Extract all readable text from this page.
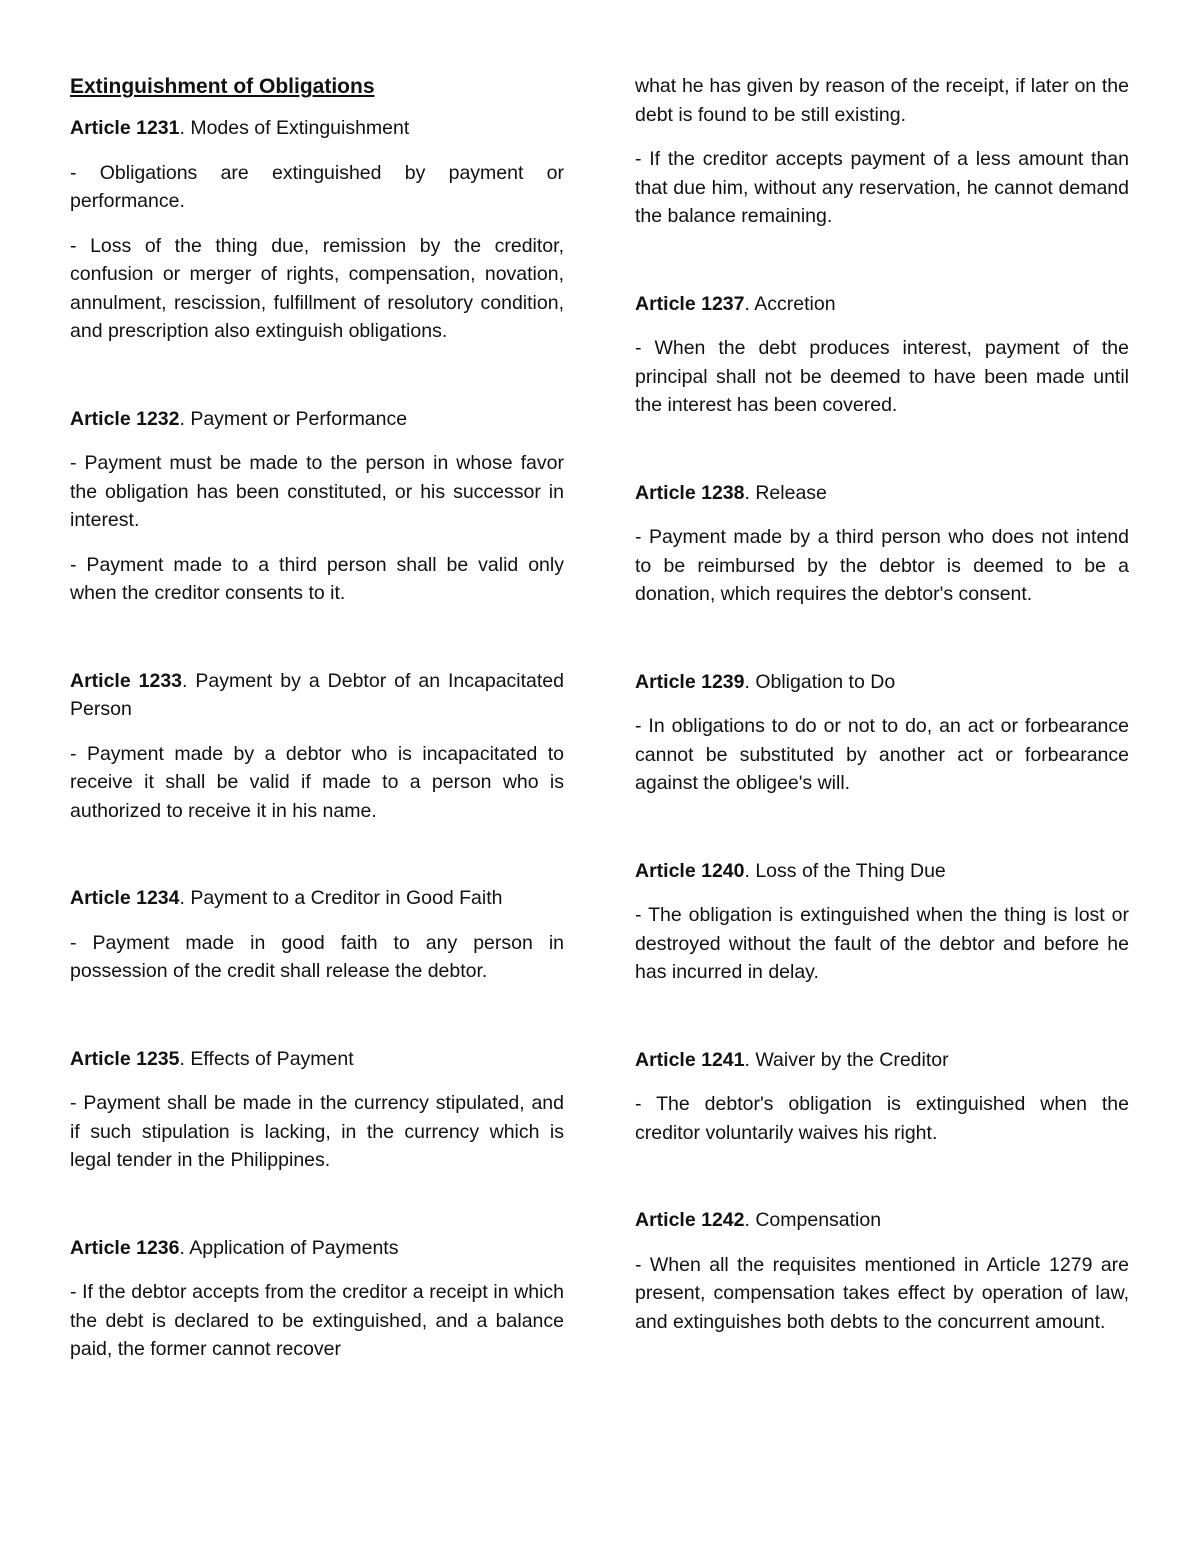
Extinguishment of Obligations

Article 1231. Modes of Extinguishment

- Obligations are extinguished by payment or performance.

- Loss of the thing due, remission by the creditor, confusion or merger of rights, compensation, novation, annulment, rescission, fulfillment of resolutory condition, and prescription also extinguish obligations.

Article 1232. Payment or Performance

- Payment must be made to the person in whose favor the obligation has been constituted, or his successor in interest.

- Payment made to a third person shall be valid only when the creditor consents to it.

Article 1233. Payment by a Debtor of an Incapacitated Person

- Payment made by a debtor who is incapacitated to receive it shall be valid if made to a person who is authorized to receive it in his name.

Article 1234. Payment to a Creditor in Good Faith

- Payment made in good faith to any person in possession of the credit shall release the debtor.

Article 1235. Effects of Payment

- Payment shall be made in the currency stipulated, and if such stipulation is lacking, in the currency which is legal tender in the Philippines.

Article 1236. Application of Payments

- If the debtor accepts from the creditor a receipt in which the debt is declared to be extinguished, and a balance paid, the former cannot recover

what he has given by reason of the receipt, if later on the debt is found to be still existing.

- If the creditor accepts payment of a less amount than that due him, without any reservation, he cannot demand the balance remaining.

Article 1237. Accretion

- When the debt produces interest, payment of the principal shall not be deemed to have been made until the interest has been covered.

Article 1238. Release

- Payment made by a third person who does not intend to be reimbursed by the debtor is deemed to be a donation, which requires the debtor's consent.

Article 1239. Obligation to Do

- In obligations to do or not to do, an act or forbearance cannot be substituted by another act or forbearance against the obligee's will.

Article 1240. Loss of the Thing Due

- The obligation is extinguished when the thing is lost or destroyed without the fault of the debtor and before he has incurred in delay.

Article 1241. Waiver by the Creditor

- The debtor's obligation is extinguished when the creditor voluntarily waives his right.

Article 1242. Compensation

- When all the requisites mentioned in Article 1279 are present, compensation takes effect by operation of law, and extinguishes both debts to the concurrent amount.
